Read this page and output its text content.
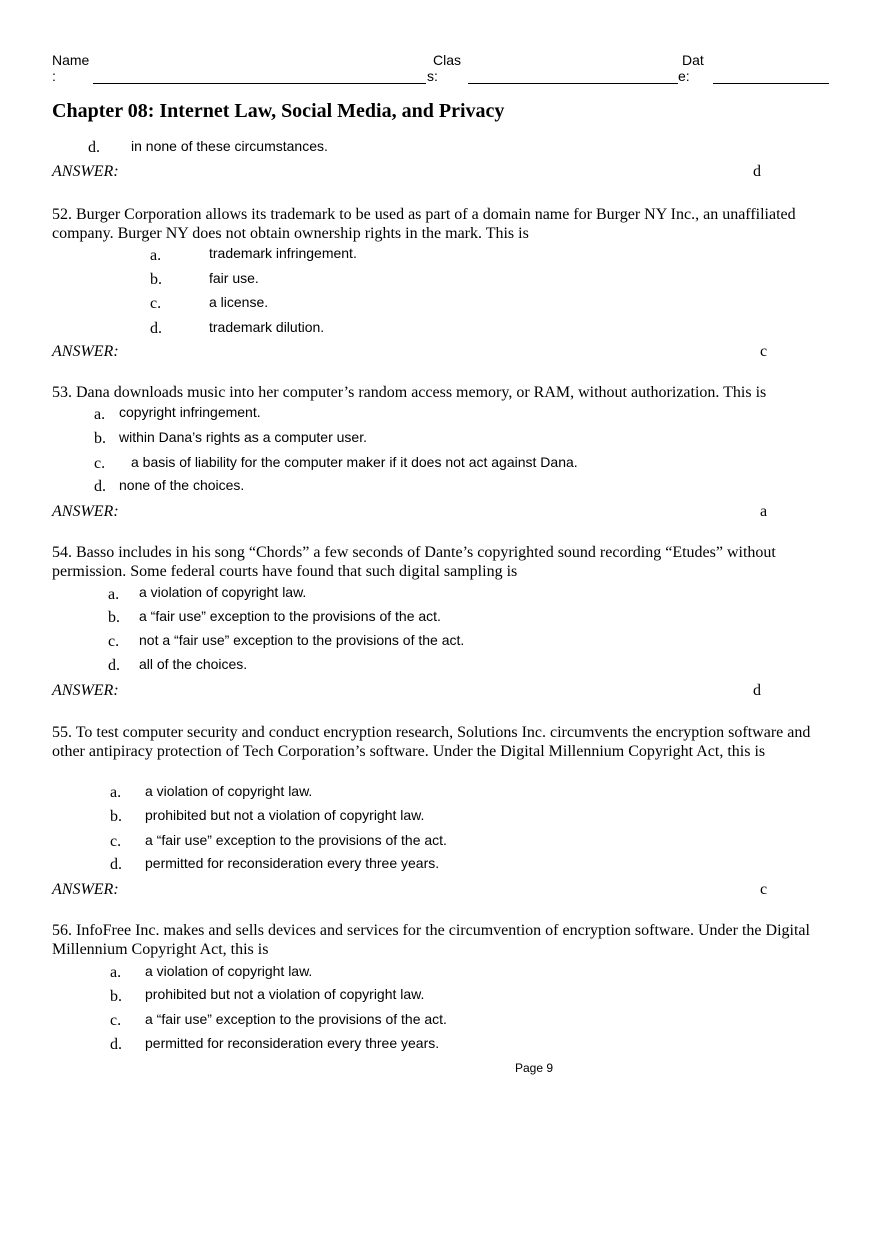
Name
:
Clas
s:
Dat
e:
Chapter 08: Internet Law, Social Media, and Privacy
d. in none of these circumstances.
ANSWER:	d
52. Burger Corporation allows its trademark to be used as part of a domain name for Burger NY Inc., an unaffiliated company. Burger NY does not obtain ownership rights in the mark. This is
a.	trademark infringement.
b.	fair use.
c.	a license.
d.	trademark dilution.
ANSWER:	c
53. Dana downloads music into her computer’s random access memory, or RAM, without authorization. This is
a. copyright infringement.
b. within Dana’s rights as a computer user.
c. a basis of liability for the computer maker if it does not act against Dana.
d. none of the choices.
ANSWER:	a
54. Basso includes in his song “Chords” a few seconds of Dante’s copyrighted sound recording “Etudes” without permission. Some federal courts have found that such digital sampling is
a. a violation of copyright law.
b. a “fair use” exception to the provisions of the act.
c. not a “fair use” exception to the provisions of the act.
d. all of the choices.
ANSWER:	d
55. To test computer security and conduct encryption research, Solutions Inc. circumvents the encryption software and other antipiracy protection of Tech Corporation’s software. Under the Digital Millennium Copyright Act, this is
a. a violation of copyright law.
b. prohibited but not a violation of copyright law.
c. a “fair use” exception to the provisions of the act.
d. permitted for reconsideration every three years.
ANSWER:	c
56. InfoFree Inc. makes and sells devices and services for the circumvention of encryption software. Under the Digital Millennium Copyright Act, this is
a. a violation of copyright law.
b. prohibited but not a violation of copyright law.
c. a “fair use” exception to the provisions of the act.
d. permitted for reconsideration every three years.
Page 9
